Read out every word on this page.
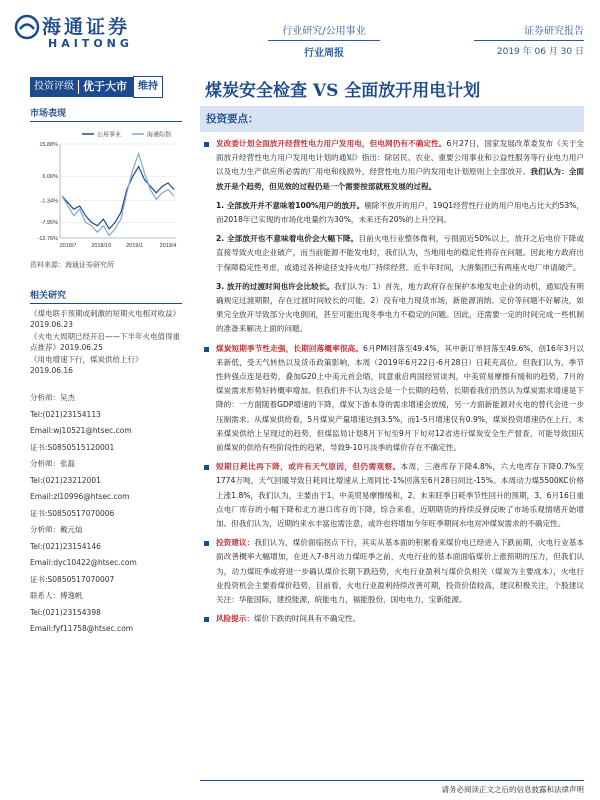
海通证券
HAITONG
行业研究/公用事业
行业周报
证券研究报告
2019 年 06 月 30 日
投资评级 优于大市	维持	煤炭安全检查 VS 全面放开用电计划
市场表现
公用事业	海通综指
15.88%
6.06%
-1.34%
-7.95%
-12.76%
2018/7	2018/10	2019/1	2019/4
资料来源：海通证券研究所
相关研究
《煤电联手预期或刺激的短期火电相对收益》2019.06.23
《火电大周期已经开启——下半年火电值得重点推荐》2019.06.25
《用电增速下行，煤炭供给上行》2019.06.16
分析师：吴杰
Tel:(021)23154113
Email:wj10521@htsec.com
证书:S0850515120001
分析师：张磊
Tel:(021)23212001
Email:zl10996@htsec.com
证书:S0850517070006
分析师：戴元灿
Tel:(021)23154146
Email:dyc10422@htsec.com
证书:S0850517070007
联系人：傅逸帆
Tel:(021)23154398
Email:fyf11758@htsec.com
投资要点：
发改委计划全面放开经营性电力用户发用电，但电网仍有不确定性。6月27日，国家发展改革委发布《关于全面放开经营性电力用户发用电计划的通知》指出：除居民、农业、重要公用事业和公益性服务等行业电力用户以及电力生产供应所必需的厂用电和线损外，经营性电力用户的发用电计划原则上全部放开。我们认为：全面放开是个趋势，但见效的过程仍是一个需要按部就班发展的过程。
1. 全部放开并不意味着100%用户的放开。剔除不放开的用户，19Q1经营性行业的用户用电占比大约53%，而2018年已实现的市场化电量约为30%，未来还有20%的上升空间。
2. 全部放开也不意味着电价会大幅下降。目前火电行业整体微利，亏损面近50%以上，放开之后电价下降或直接导致火电企业破产，而当前能源不能发电时，我们认为，当地用电的稳定性将存在问题。因此地方政府出于保障稳定性考虑，或通过各种途径支持火电厂持续经营。近半年时间，大唐集团已有两座火电厂申请破产。
3. 放开的过渡时间也许会比较长。我们认为：1）首先，地方政府存在保护本地发电企业的动机，通知没有明确规定过渡期限，存在过渡时间较长的可能。2）没有电力现货市场，新能源消纳、定价等问题不好解决，如果完全放开导致部分火电倒闭，甚至可能出现冬季电力不稳定的问题。因此，还需要一定的时间完成一些机制的准备来解决上面的问题。
煤炭短期季节性走强，长期回落概率很高。6月PMI回落至49.4%，其中新订单回落至49.6%，创16年3月以来新低，受天气转热以及货币政策影响，本周（2019年6月22日-6月28日）日耗充高位。但我们认为，季节性转强点连是趋势，叠加G20上中美元首会晤，同意重启两国经贸谈判，中美贸易摩擦有缓和的趋势，7月的煤炭需求形势好转概率增加。但我们并不认为这会是一个长期的趋势，长期看我们仍然认为煤炭需求增速是下降的：一方面随着GDP增速的下降，煤炭下游本身的需求增速会放缓，另一方面新能源对火电的替代会进一步压制需求。从煤炭供给看，5月煤炭产量增速达到3.5%，而1-5月增速仅有0.9%，煤炭投资增速仍在上行，未来煤炭供给上呈现过的趋势，但煤监局计划8月下旬至9月下旬对12省进行煤炭安全生产督查，可能导致国庆前煤炭的供给有些阶段性的趋紧，导致9-10月淡季的煤价存在不确定性。
短期日耗比再下降，或许有天气原因，但仍需观察。本周，三港库存下降4.8%，六大电库存下降0.7%至1774万吨，天气回暖导致日耗同比增速从上周同比-1%回落至6月28日同比-15%。本周动力煤5500KC价格上涨1.8%，我们认为，主要由于1、中美贸易摩擦缓和，2、未来旺季日耗季节性回升的预期，3、6月16日重点电厂库存的小幅下降和北方港口库存的下降，综合来看，近期期货的持续反弹反映了市场乐观情绪开始增加。但我们认为，近期的来水丰富也需注意，或许也将增加今年旺季期间水电对冲煤炭需求的不确定性。
投资建议：我们认为，煤价面临拐点下行，其实从基本面的积累看来煤价电已经进入下跌前期，火电行业基本面改善概率大幅增加，在进入7-8月动力煤旺季之前，火电行业的基本面面临煤价上涨预期的压力，但我们认为，动力煤旺季或将进一步确认煤价长期下跌趋势，火电行业盈利与煤价负相关（煤炭为主要成本），火电行业投资机会主要看煤价趋势，目前看，火电行业盈利持续改善可期，投资价值较高，建议积极关注，个股建议关注：华能国际，建投能源，皖能电力，福能股份，国电电力，宝新能源。
风险提示：煤价下跌的时间具有不确定性。
请务必阅读正文之后的信息披露和法律声明
